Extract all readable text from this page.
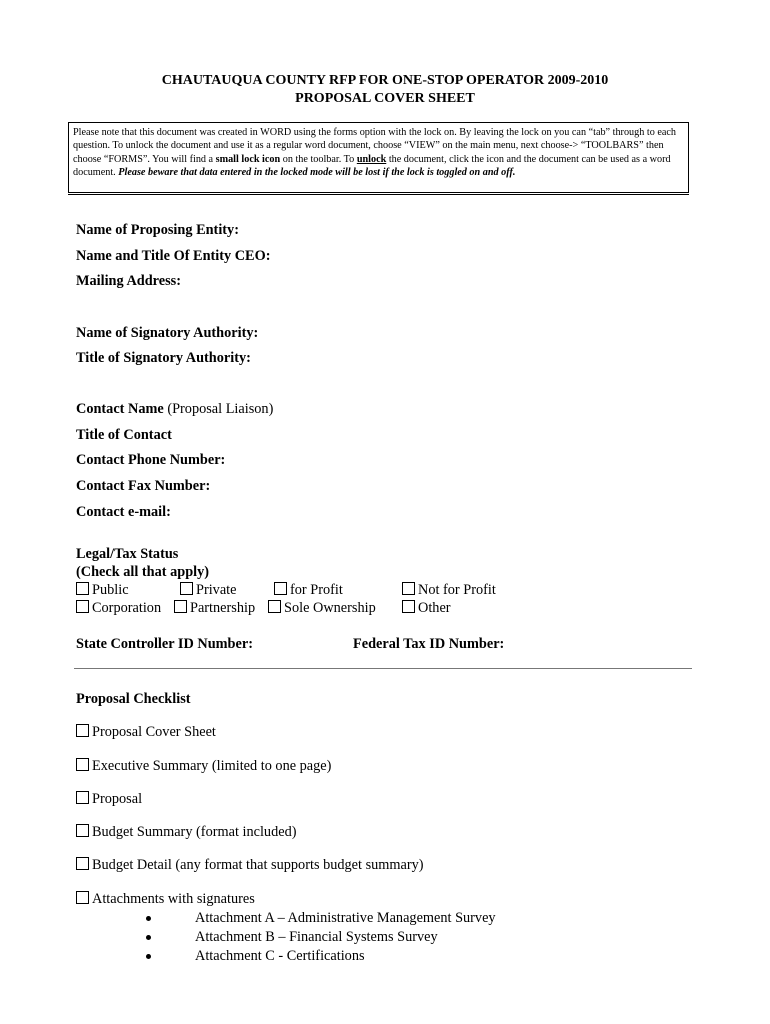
CHAUTAUQUA COUNTY RFP FOR ONE-STOP OPERATOR 2009-2010
PROPOSAL COVER SHEET
Please note that this document was created in WORD using the forms option with the lock on. By leaving the lock on you can “tab” through to each question. To unlock the document and use it as a regular word document, choose “VIEW” on the main menu, next choose-> “TOOLBARS” then choose “FORMS”. You will find a small lock icon on the toolbar. To unlock the document, click the icon and the document can be used as a word document. Please beware that data entered in the locked mode will be lost if the lock is toggled on and off.
Name of Proposing Entity:
Name and Title Of Entity CEO:
Mailing Address:
Name of Signatory Authority:
Title of Signatory Authority:
Contact Name (Proposal Liaison)
Title of Contact
Contact Phone Number:
Contact Fax Number:
Contact e-mail:
Legal/Tax Status
(Check all that apply)
Public	Private	for Profit	Not for Profit
Corporation	Partnership	Sole Ownership	Other
State Controller ID Number:	Federal Tax ID Number:
Proposal Checklist
Proposal Cover Sheet
Executive Summary (limited to one page)
Proposal
Budget Summary (format included)
Budget Detail (any format that supports budget summary)
Attachments with signatures
Attachment A – Administrative Management Survey
Attachment B – Financial Systems Survey
Attachment C - Certifications
